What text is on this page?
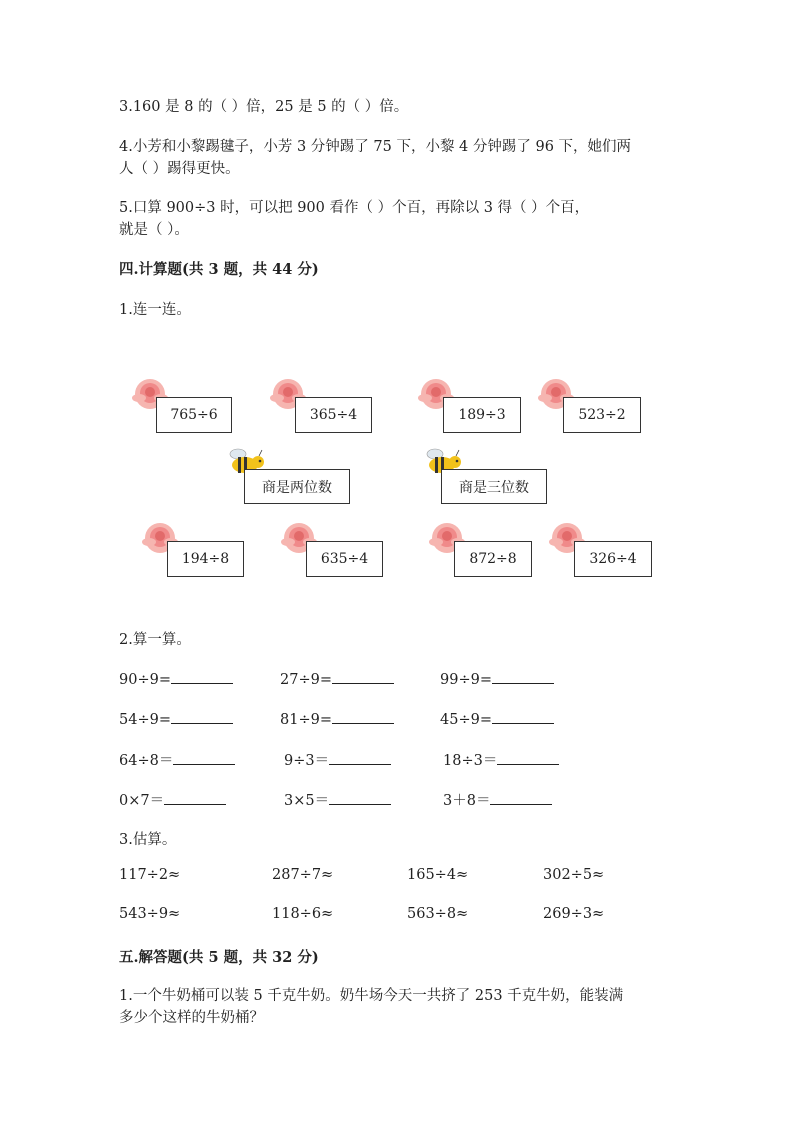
3.160 是 8 的（ ）倍，25 是 5 的（ ）倍。
4.小芳和小黎踢毽子，小芳 3 分钟踢了 75 下，小黎 4 分钟踢了 96 下，她们两
人（ ）踢得更快。
5.口算 900÷3 时，可以把 900 看作（ ）个百，再除以 3 得（ ）个百，
就是（ ）。
四.计算题(共 3 题，共 44 分)
1.连一连。
765÷6	365÷4	189÷3	523÷2
商是两位数	商是三位数
194÷8	635÷4	872÷8	326÷4
2.算一算。
90÷9=	27÷9=	99÷9=
54÷9=	81÷9=	45÷9=
64÷8＝	9÷3＝	18÷3＝
0×7＝	3×5＝	3＋8＝
3.估算。
117÷2≈	287÷7≈	165÷4≈	302÷5≈
543÷9≈	118÷6≈	563÷8≈	269÷3≈
五.解答题(共 5 题，共 32 分)
1.一个牛奶桶可以装 5 千克牛奶。奶牛场今天一共挤了 253 千克牛奶，能装满
多少个这样的牛奶桶？
